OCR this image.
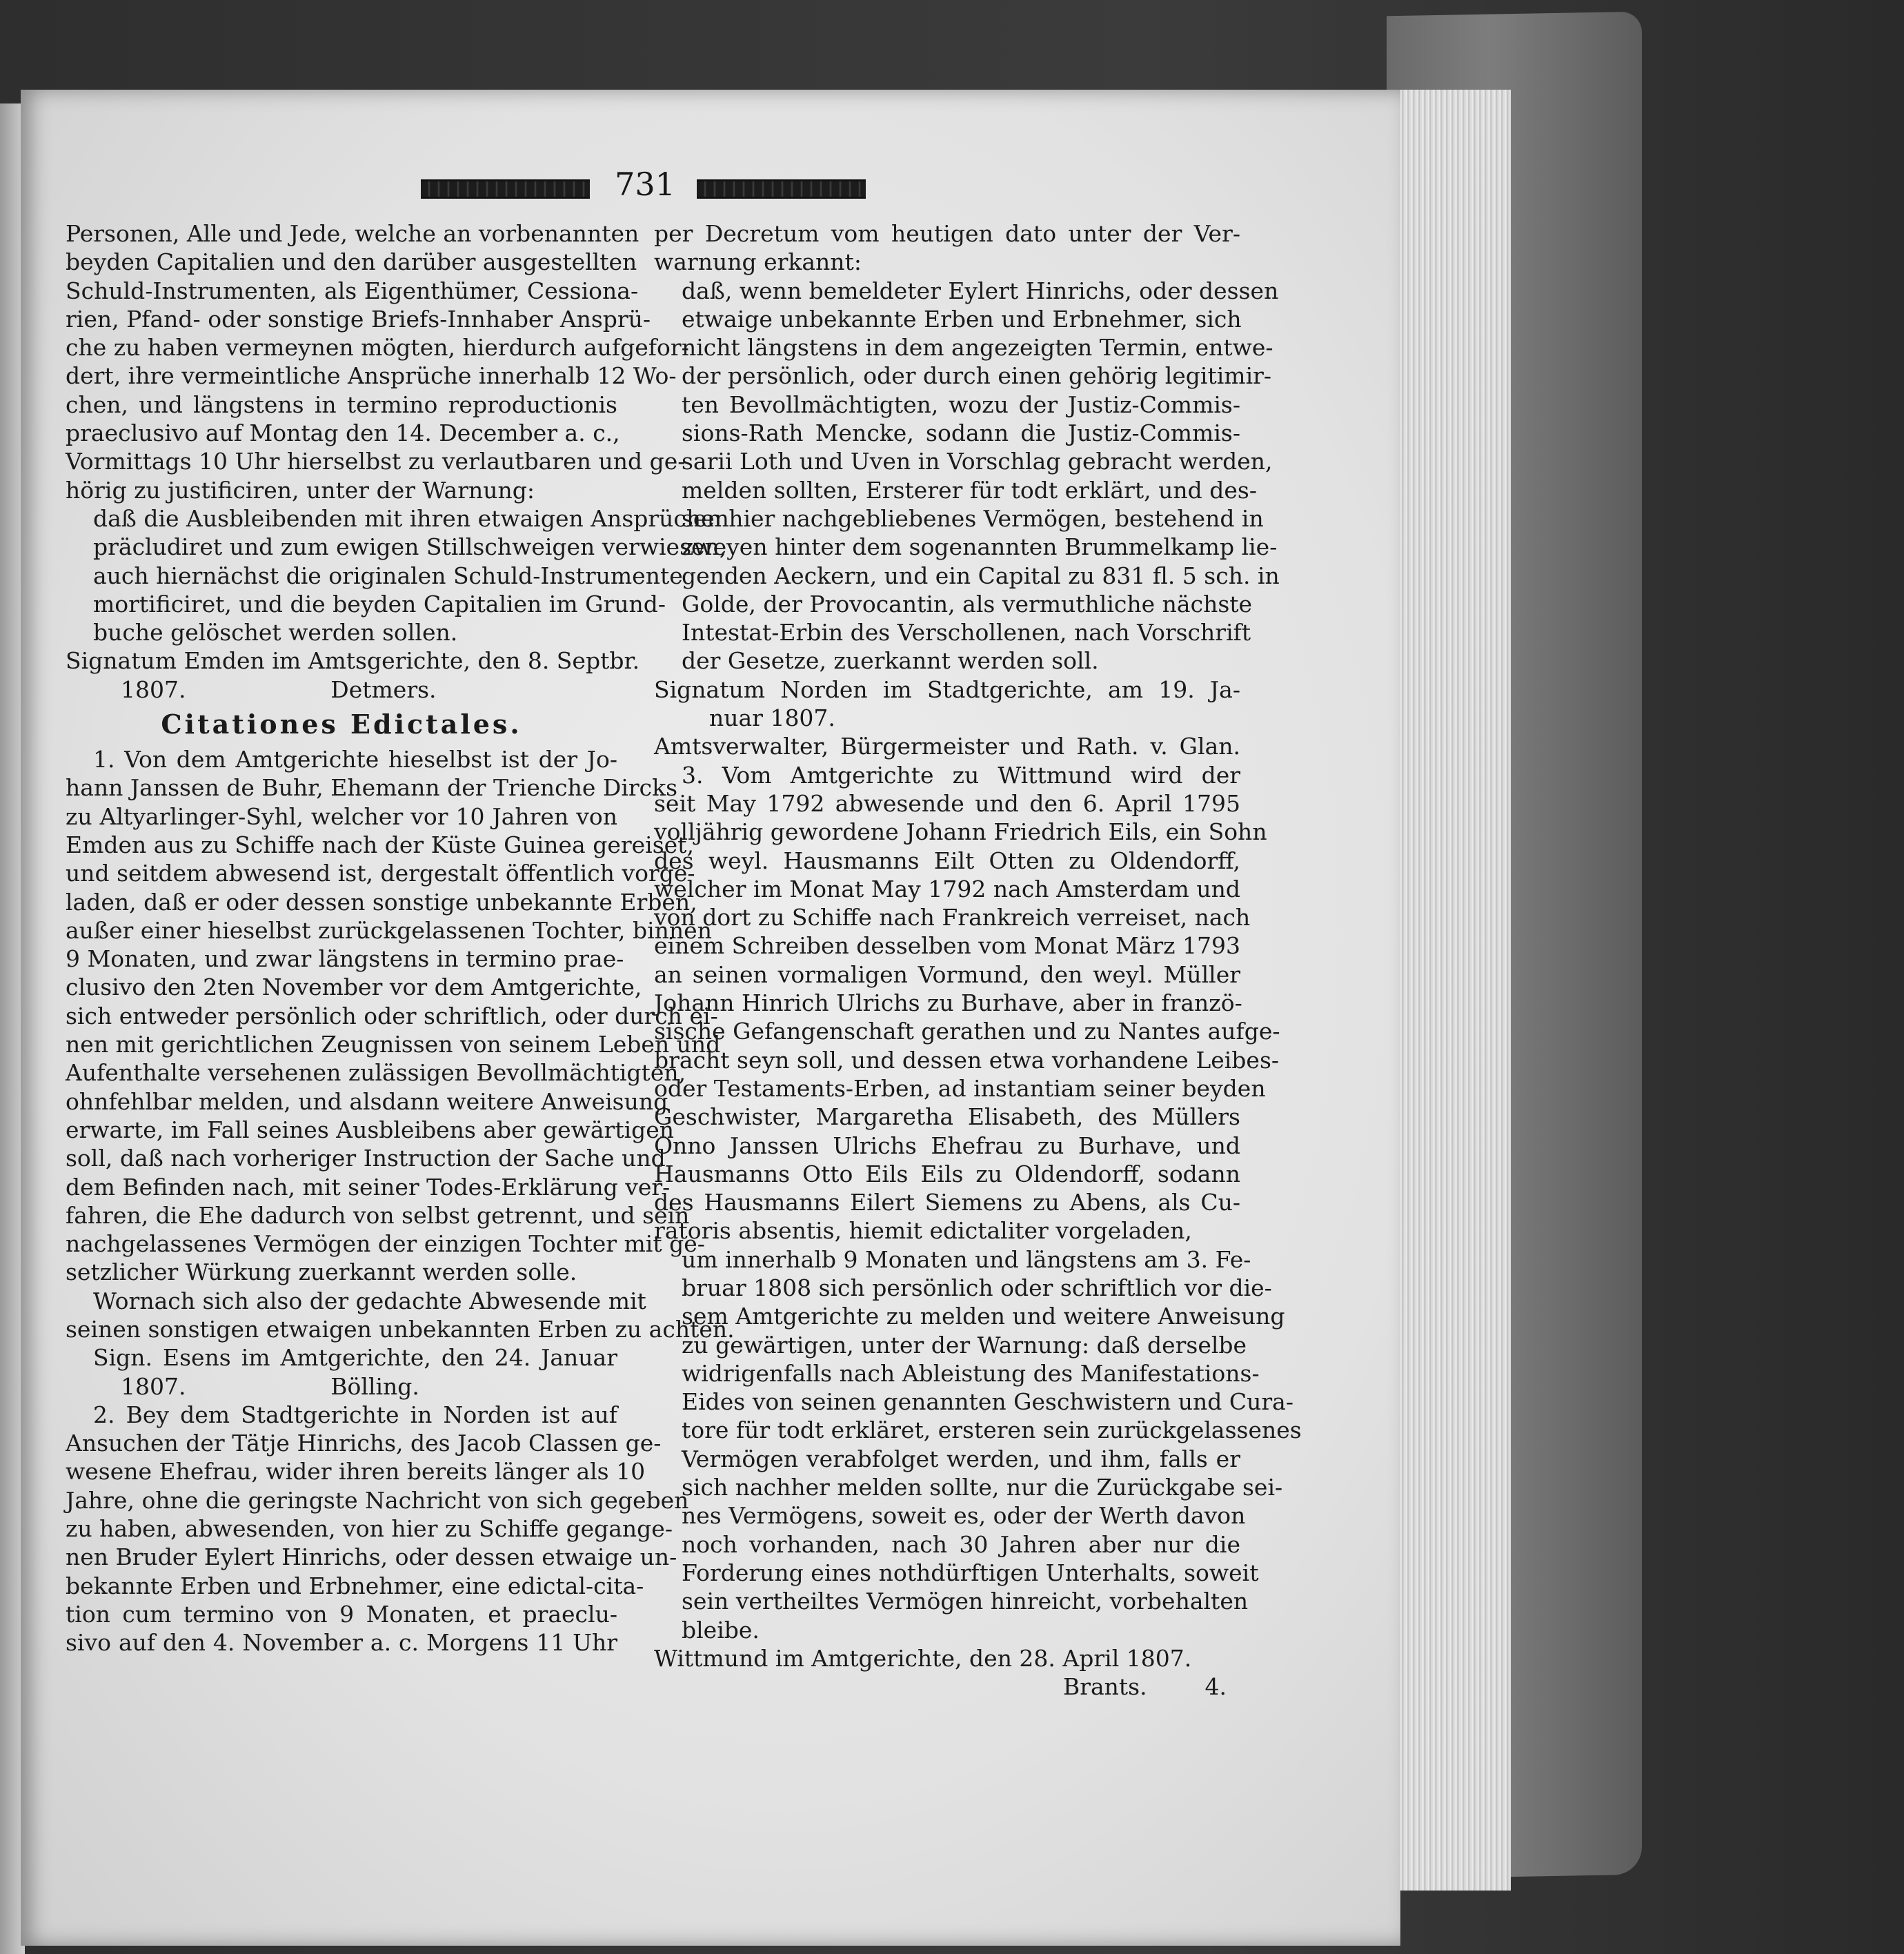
731
Personen, Alle und Jede, welche an vorbenannten
beyden Capitalien und den darüber ausgestellten
Schuld-Instrumenten, als Eigenthümer, Cessiona-
rien, Pfand- oder sonstige Briefs-Innhaber Ansprü-
che zu haben vermeynen mögten, hierdurch aufgefor-
dert, ihre vermeintliche Ansprüche innerhalb 12 Wo-
chen, und längstens in termino reproductionis
praeclusivo auf Montag den 14. December a. c.,
Vormittags 10 Uhr hierselbst zu verlautbaren und ge-
hörig zu justificiren, unter der Warnung:
daß die Ausbleibenden mit ihren etwaigen Ansprüchen
präcludiret und zum ewigen Stillschweigen verwiesen,
auch hiernächst die originalen Schuld-Instrumente
mortificiret, und die beyden Capitalien im Grund-
buche gelöschet werden sollen.
Signatum Emden im Amtsgerichte, den 8. Septbr.
1807.                    Detmers.
Citationes Edictales.
1. Von dem Amtgerichte hieselbst ist der Jo-
hann Janssen de Buhr, Ehemann der Trienche Dircks
zu Altyarlinger-Syhl, welcher vor 10 Jahren von
Emden aus zu Schiffe nach der Küste Guinea gereiset,
und seitdem abwesend ist, dergestalt öffentlich vorge-
laden, daß er oder dessen sonstige unbekannte Erben,
außer einer hieselbst zurückgelassenen Tochter, binnen
9 Monaten, und zwar längstens in termino prae-
clusivo den 2ten November vor dem Amtgerichte,
sich entweder persönlich oder schriftlich, oder durch ei-
nen mit gerichtlichen Zeugnissen von seinem Leben und
Aufenthalte versehenen zulässigen Bevollmächtigten,
ohnfehlbar melden, und alsdann weitere Anweisung
erwarte, im Fall seines Ausbleibens aber gewärtigen
soll, daß nach vorheriger Instruction der Sache und
dem Befinden nach, mit seiner Todes-Erklärung ver-
fahren, die Ehe dadurch von selbst getrennt, und sein
nachgelassenes Vermögen der einzigen Tochter mit ge-
setzlicher Würkung zuerkannt werden solle.
Wornach sich also der gedachte Abwesende mit
seinen sonstigen etwaigen unbekannten Erben zu achten.
Sign. Esens im Amtgerichte, den 24. Januar
1807.                    Bölling.
2. Bey dem Stadtgerichte in Norden ist auf
Ansuchen der Tätje Hinrichs, des Jacob Classen ge-
wesene Ehefrau, wider ihren bereits länger als 10
Jahre, ohne die geringste Nachricht von sich gegeben
zu haben, abwesenden, von hier zu Schiffe gegange-
nen Bruder Eylert Hinrichs, oder dessen etwaige un-
bekannte Erben und Erbnehmer, eine edictal-cita-
tion cum termino von 9 Monaten, et praeclu-
sivo auf den 4. November a. c. Morgens 11 Uhr
per Decretum vom heutigen dato unter der Ver-
warnung erkannt:
daß, wenn bemeldeter Eylert Hinrichs, oder dessen
etwaige unbekannte Erben und Erbnehmer, sich
nicht längstens in dem angezeigten Termin, entwe-
der persönlich, oder durch einen gehörig legitimir-
ten Bevollmächtigten, wozu der Justiz-Commis-
sions-Rath Mencke, sodann die Justiz-Commis-
sarii Loth und Uven in Vorschlag gebracht werden,
melden sollten, Ersterer für todt erklärt, und des-
sen hier nachgebliebenes Vermögen, bestehend in
zweyen hinter dem sogenannten Brummelkamp lie-
genden Aeckern, und ein Capital zu 831 fl. 5 sch. in
Golde, der Provocantin, als vermuthliche nächste
Intestat-Erbin des Verschollenen, nach Vorschrift
der Gesetze, zuerkannt werden soll.
Signatum Norden im Stadtgerichte, am 19. Ja-
nuar 1807.
Amtsverwalter, Bürgermeister und Rath. v. Glan.
3. Vom Amtgerichte zu Wittmund wird der
seit May 1792 abwesende und den 6. April 1795
volljährig gewordene Johann Friedrich Eils, ein Sohn
des weyl. Hausmanns Eilt Otten zu Oldendorff,
welcher im Monat May 1792 nach Amsterdam und
von dort zu Schiffe nach Frankreich verreiset, nach
einem Schreiben desselben vom Monat März 1793
an seinen vormaligen Vormund, den weyl. Müller
Johann Hinrich Ulrichs zu Burhave, aber in franzö-
sische Gefangenschaft gerathen und zu Nantes aufge-
bracht seyn soll, und dessen etwa vorhandene Leibes-
oder Testaments-Erben, ad instantiam seiner beyden
Geschwister, Margaretha Elisabeth, des Müllers
Onno Janssen Ulrichs Ehefrau zu Burhave, und
Hausmanns Otto Eils Eils zu Oldendorff, sodann
des Hausmanns Eilert Siemens zu Abens, als Cu-
ratoris absentis, hiemit edictaliter vorgeladen,
um innerhalb 9 Monaten und längstens am 3. Fe-
bruar 1808 sich persönlich oder schriftlich vor die-
sem Amtgerichte zu melden und weitere Anweisung
zu gewärtigen, unter der Warnung: daß derselbe
widrigenfalls nach Ableistung des Manifestations-
Eides von seinen genannten Geschwistern und Cura-
tore für todt erkläret, ersteren sein zurückgelassenes
Vermögen verabfolget werden, und ihm, falls er
sich nachher melden sollte, nur die Zurückgabe sei-
nes Vermögens, soweit es, oder der Werth davon
noch vorhanden, nach 30 Jahren aber nur die
Forderung eines nothdürftigen Unterhalts, soweit
sein vertheiltes Vermögen hinreicht, vorbehalten
bleibe.
Wittmund im Amtgerichte, den 28. April 1807.
Brants.        4.
